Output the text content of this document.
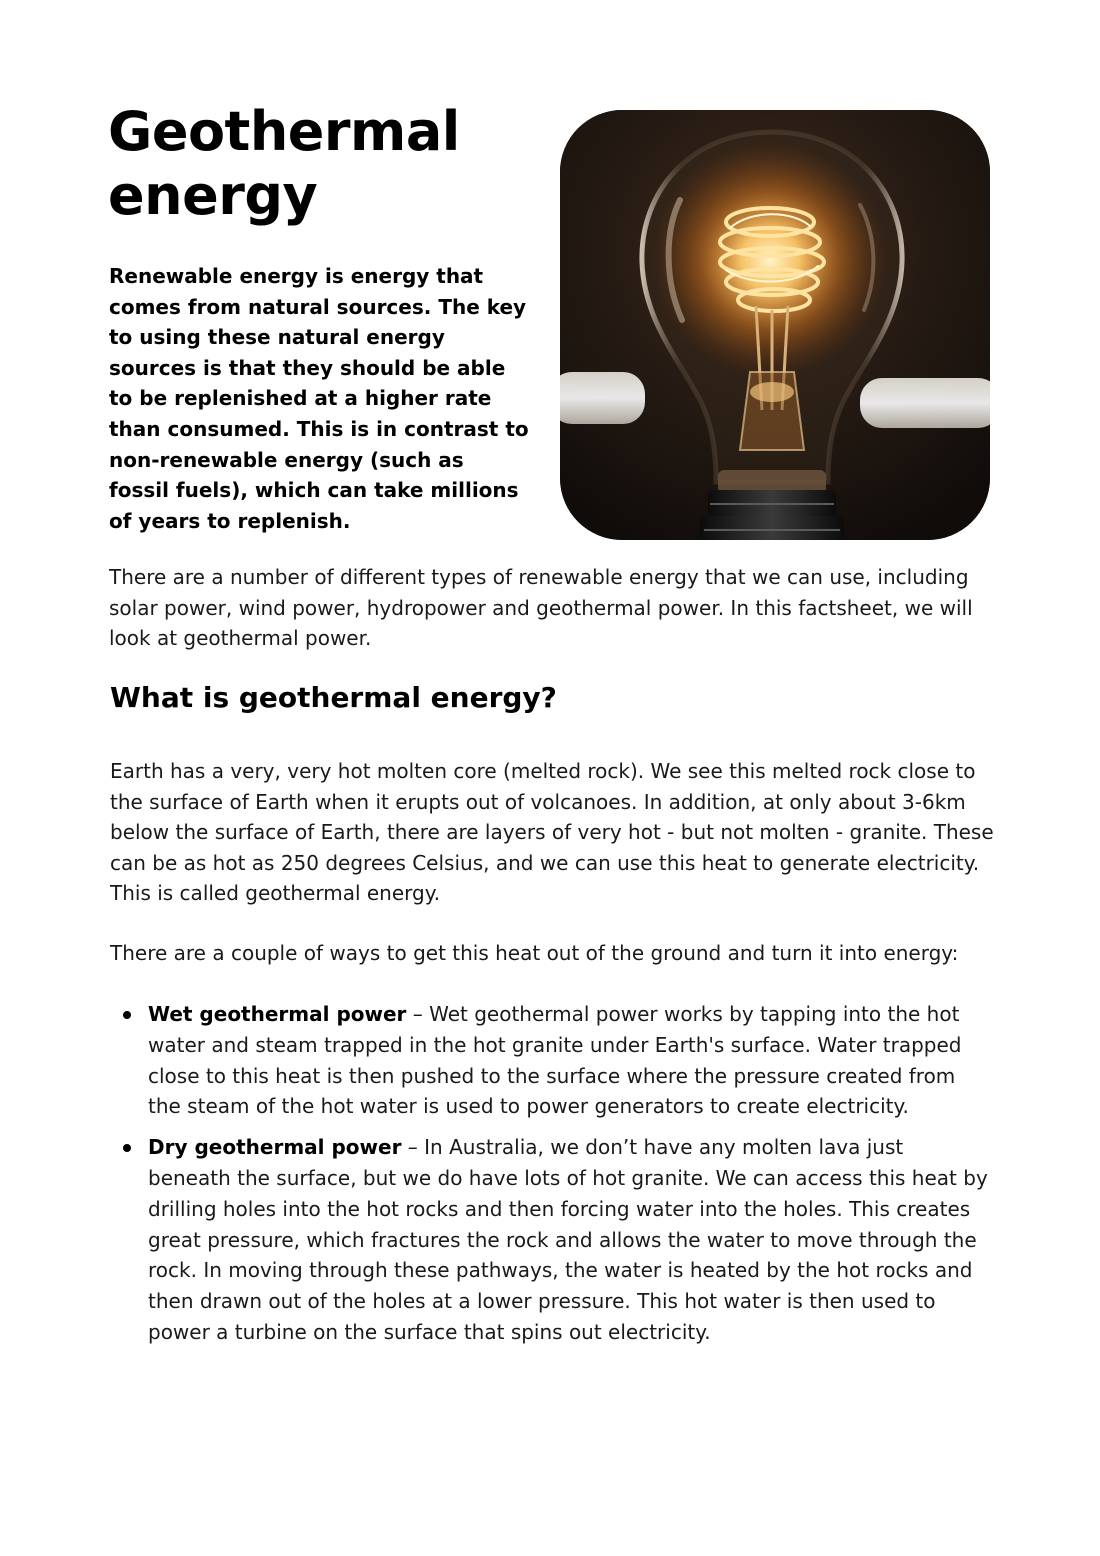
Geothermal energy

Renewable energy is energy that comes from natural sources. The key to using these natural energy sources is that they should be able to be replenished at a higher rate than consumed. This is in contrast to non-renewable energy (such as fossil fuels), which can take millions of years to replenish.

There are a number of different types of renewable energy that we can use, including solar power, wind power, hydropower and geothermal power. In this factsheet, we will look at geothermal power.

What is geothermal energy?

Earth has a very, very hot molten core (melted rock). We see this melted rock close to the surface of Earth when it erupts out of volcanoes. In addition, at only about 3-6km below the surface of Earth, there are layers of very hot - but not molten - granite. These can be as hot as 250 degrees Celsius, and we can use this heat to generate electricity. This is called geothermal energy.

There are a couple of ways to get this heat out of the ground and turn it into energy:

Wet geothermal power – Wet geothermal power works by tapping into the hot water and steam trapped in the hot granite under Earth's surface. Water trapped close to this heat is then pushed to the surface where the pressure created from the steam of the hot water is used to power generators to create electricity.
Dry geothermal power – In Australia, we don’t have any molten lava just beneath the surface, but we do have lots of hot granite. We can access this heat by drilling holes into the hot rocks and then forcing water into the holes. This creates great pressure, which fractures the rock and allows the water to move through the rock. In moving through these pathways, the water is heated by the hot rocks and then drawn out of the holes at a lower pressure. This hot water is then used to power a turbine on the surface that spins out electricity.
